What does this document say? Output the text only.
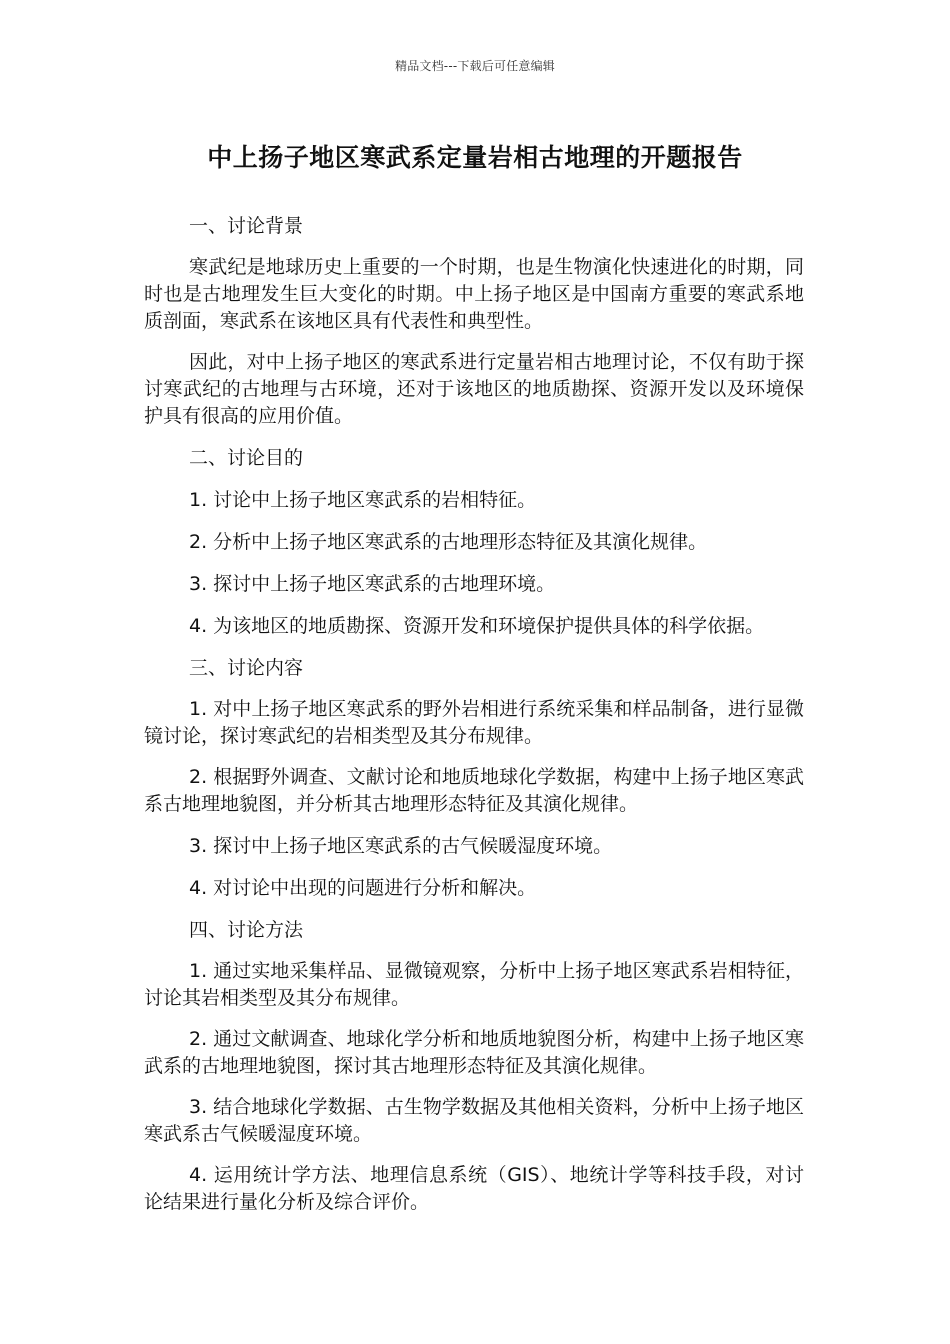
精品文档---下载后可任意编辑
中上扬子地区寒武系定量岩相古地理的开题报告
一、讨论背景

寒武纪是地球历史上重要的一个时期，也是生物演化快速进化的时期，同时也是古地理发生巨大变化的时期。中上扬子地区是中国南方重要的寒武系地质剖面，寒武系在该地区具有代表性和典型性。

因此，对中上扬子地区的寒武系进行定量岩相古地理讨论，不仅有助于探讨寒武纪的古地理与古环境，还对于该地区的地质勘探、资源开发以及环境保护具有很高的应用价值。

二、讨论目的
1. 讨论中上扬子地区寒武系的岩相特征。
2. 分析中上扬子地区寒武系的古地理形态特征及其演化规律。
3. 探讨中上扬子地区寒武系的古地理环境。
4. 为该地区的地质勘探、资源开发和环境保护提供具体的科学依据。
三、讨论内容

1. 对中上扬子地区寒武系的野外岩相进行系统采集和样品制备，进行显微镜讨论，探讨寒武纪的岩相类型及其分布规律。

2. 根据野外调查、文献讨论和地质地球化学数据，构建中上扬子地区寒武系古地理地貌图，并分析其古地理形态特征及其演化规律。

3. 探讨中上扬子地区寒武系的古气候暖湿度环境。
4. 对讨论中出现的问题进行分析和解决。
四、讨论方法

1. 通过实地采集样品、显微镜观察，分析中上扬子地区寒武系岩相特征，讨论其岩相类型及其分布规律。

2. 通过文献调查、地球化学分析和地质地貌图分析，构建中上扬子地区寒武系的古地理地貌图，探讨其古地理形态特征及其演化规律。

3. 结合地球化学数据、古生物学数据及其他相关资料，分析中上扬子地区寒武系古气候暖湿度环境。

4. 运用统计学方法、地理信息系统（GIS）、地统计学等科技手段，对讨论结果进行量化分析及综合评价。
